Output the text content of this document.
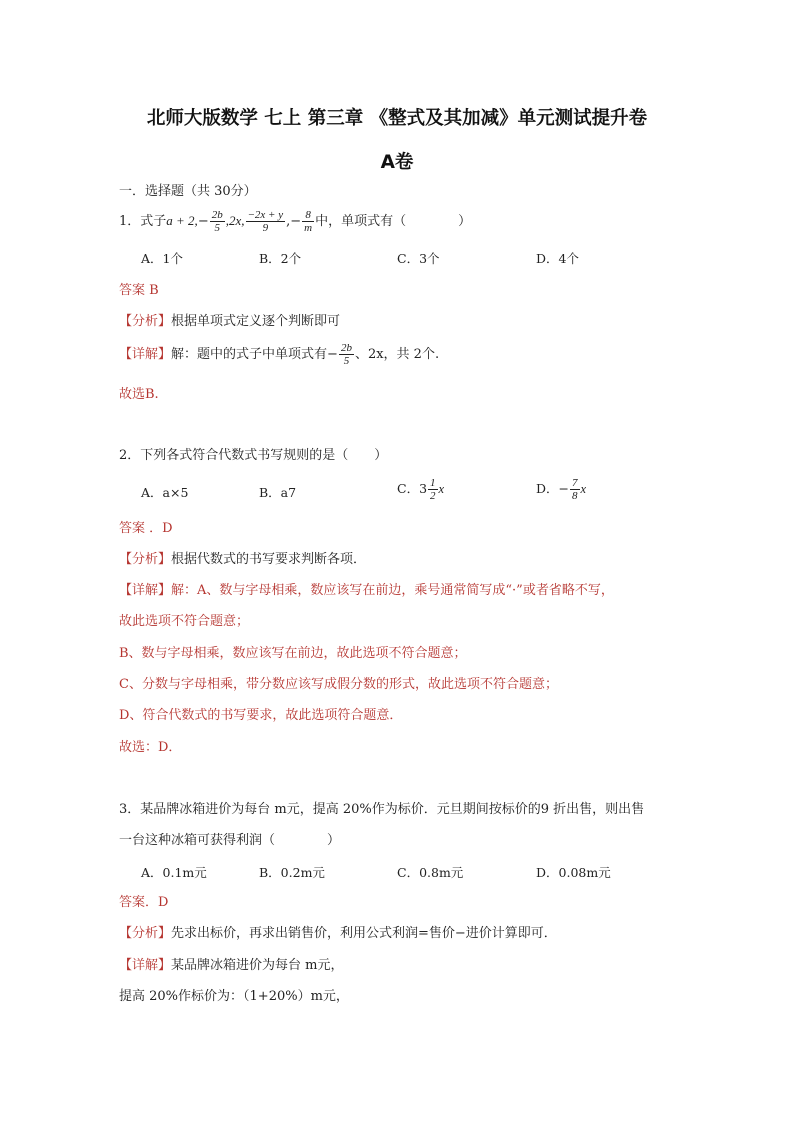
北师大版数学 七上 第三章 《整式及其加减》单元测试提升卷
A卷
一．选择题（共 30分）
1．式子$a + 2,- \frac{2b}{5} ,2x$, $\frac{-2x + y}{9}$ ,− $\frac{8}{m}$ 中，单项式有（　　　　）
A．1个	B．2个	C．3个	D．4个
答案 B
【分析】根据单项式定义逐个判断即可
【详解】解：题中的式子中单项式有− $\frac{2b}{5}$ 、2x，共 2个.
故选B.
2．下列各式符合代数式书写规则的是（　　）
A．a×5	B．a7	C．$3 \frac{1}{2}$ x	D．− $\frac{7}{8}$ x
答案 ．D
【分析】根据代数式的书写要求判断各项．
【详解】解：A、数与字母相乘，数应该写在前边，乘号通常简写成“·”或者省略不写，
故此选项不符合题意；
B、数与字母相乘，数应该写在前边，故此选项不符合题意；
C、分数与字母相乘，带分数应该写成假分数的形式，故此选项不符合题意；
D、符合代数式的书写要求，故此选项符合题意．
故选：D．
3．某品牌冰箱进价为每台 m元，提高 20%作为标价．元旦期间按标价的9 折出售，则出售
一台这种冰箱可获得利润（　　　　）
A．0.1m元	B．0.2m元	C．0.8m元	D．0.08m元
答案．D
【分析】先求出标价，再求出销售价，利用公式利润=售价−进价计算即可．
【详解】某品牌冰箱进价为每台 m元，
提高 20%作标价为：（1+20%）m元，
